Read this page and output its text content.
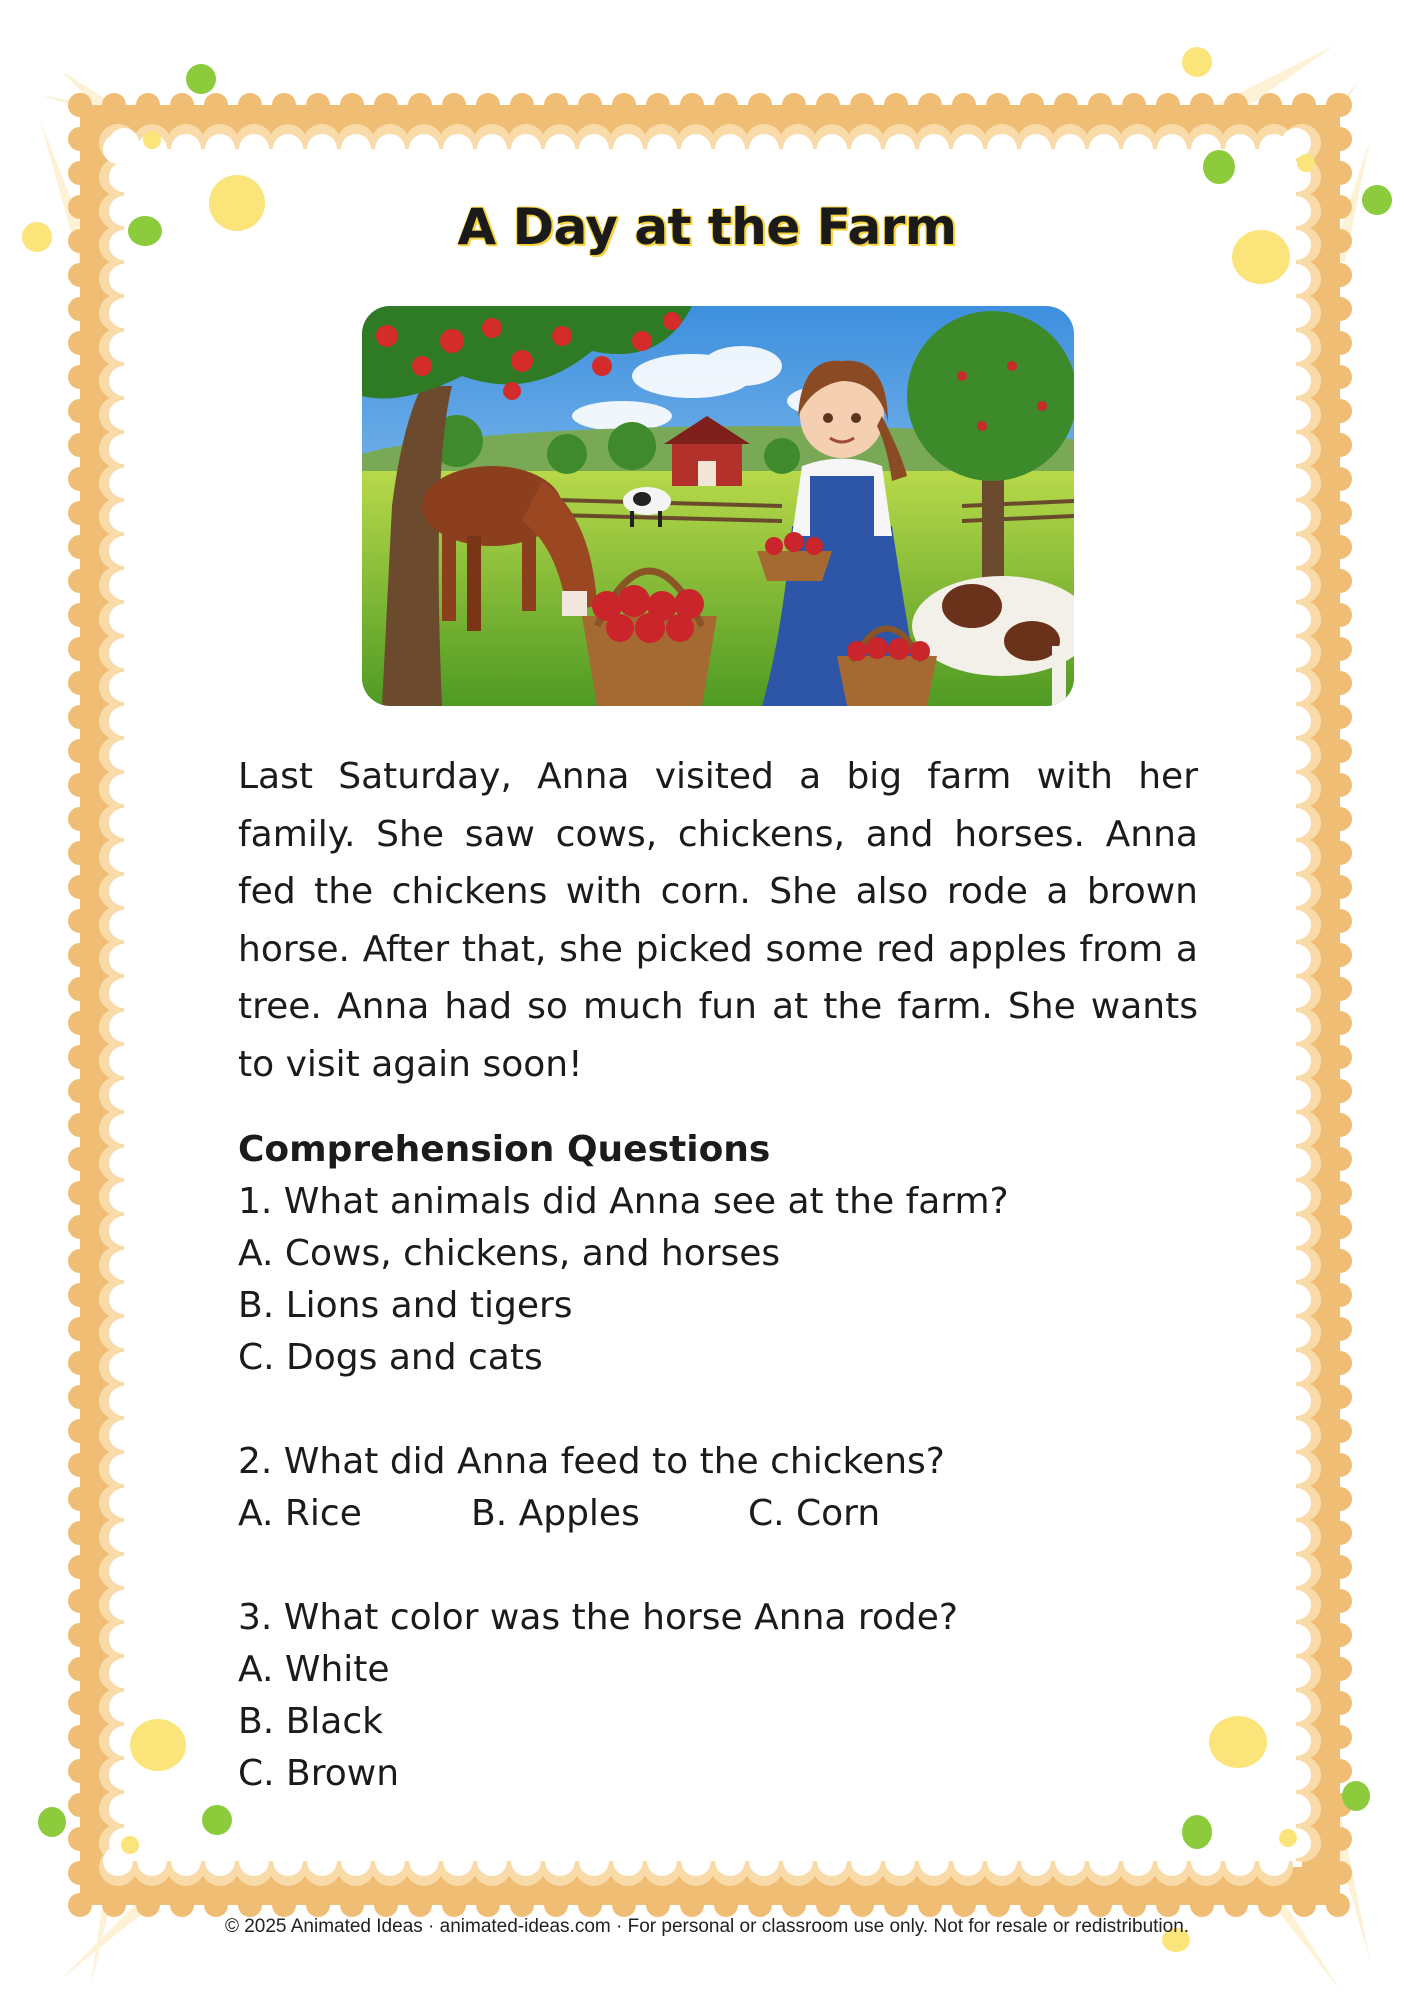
A Day at the Farm

Last Saturday, Anna visited a big farm with her family. She saw cows, chickens, and horses. Anna fed the chickens with corn. She also rode a brown horse. After that, she picked some red apples from a tree. Anna had so much fun at the farm. She wants to visit again soon!

Comprehension Questions

1. What animals did Anna see at the farm?

A. Cows, chickens, and horses

B. Lions and tigers

C. Dogs and cats

2. What did Anna feed to the chickens?

A. Rice	B. Apples	C. Corn

3. What color was the horse Anna rode?

A. White

B. Black

C. Brown

© 2025 Animated Ideas · animated-ideas.com · For personal or classroom use only. Not for resale or redistribution.
